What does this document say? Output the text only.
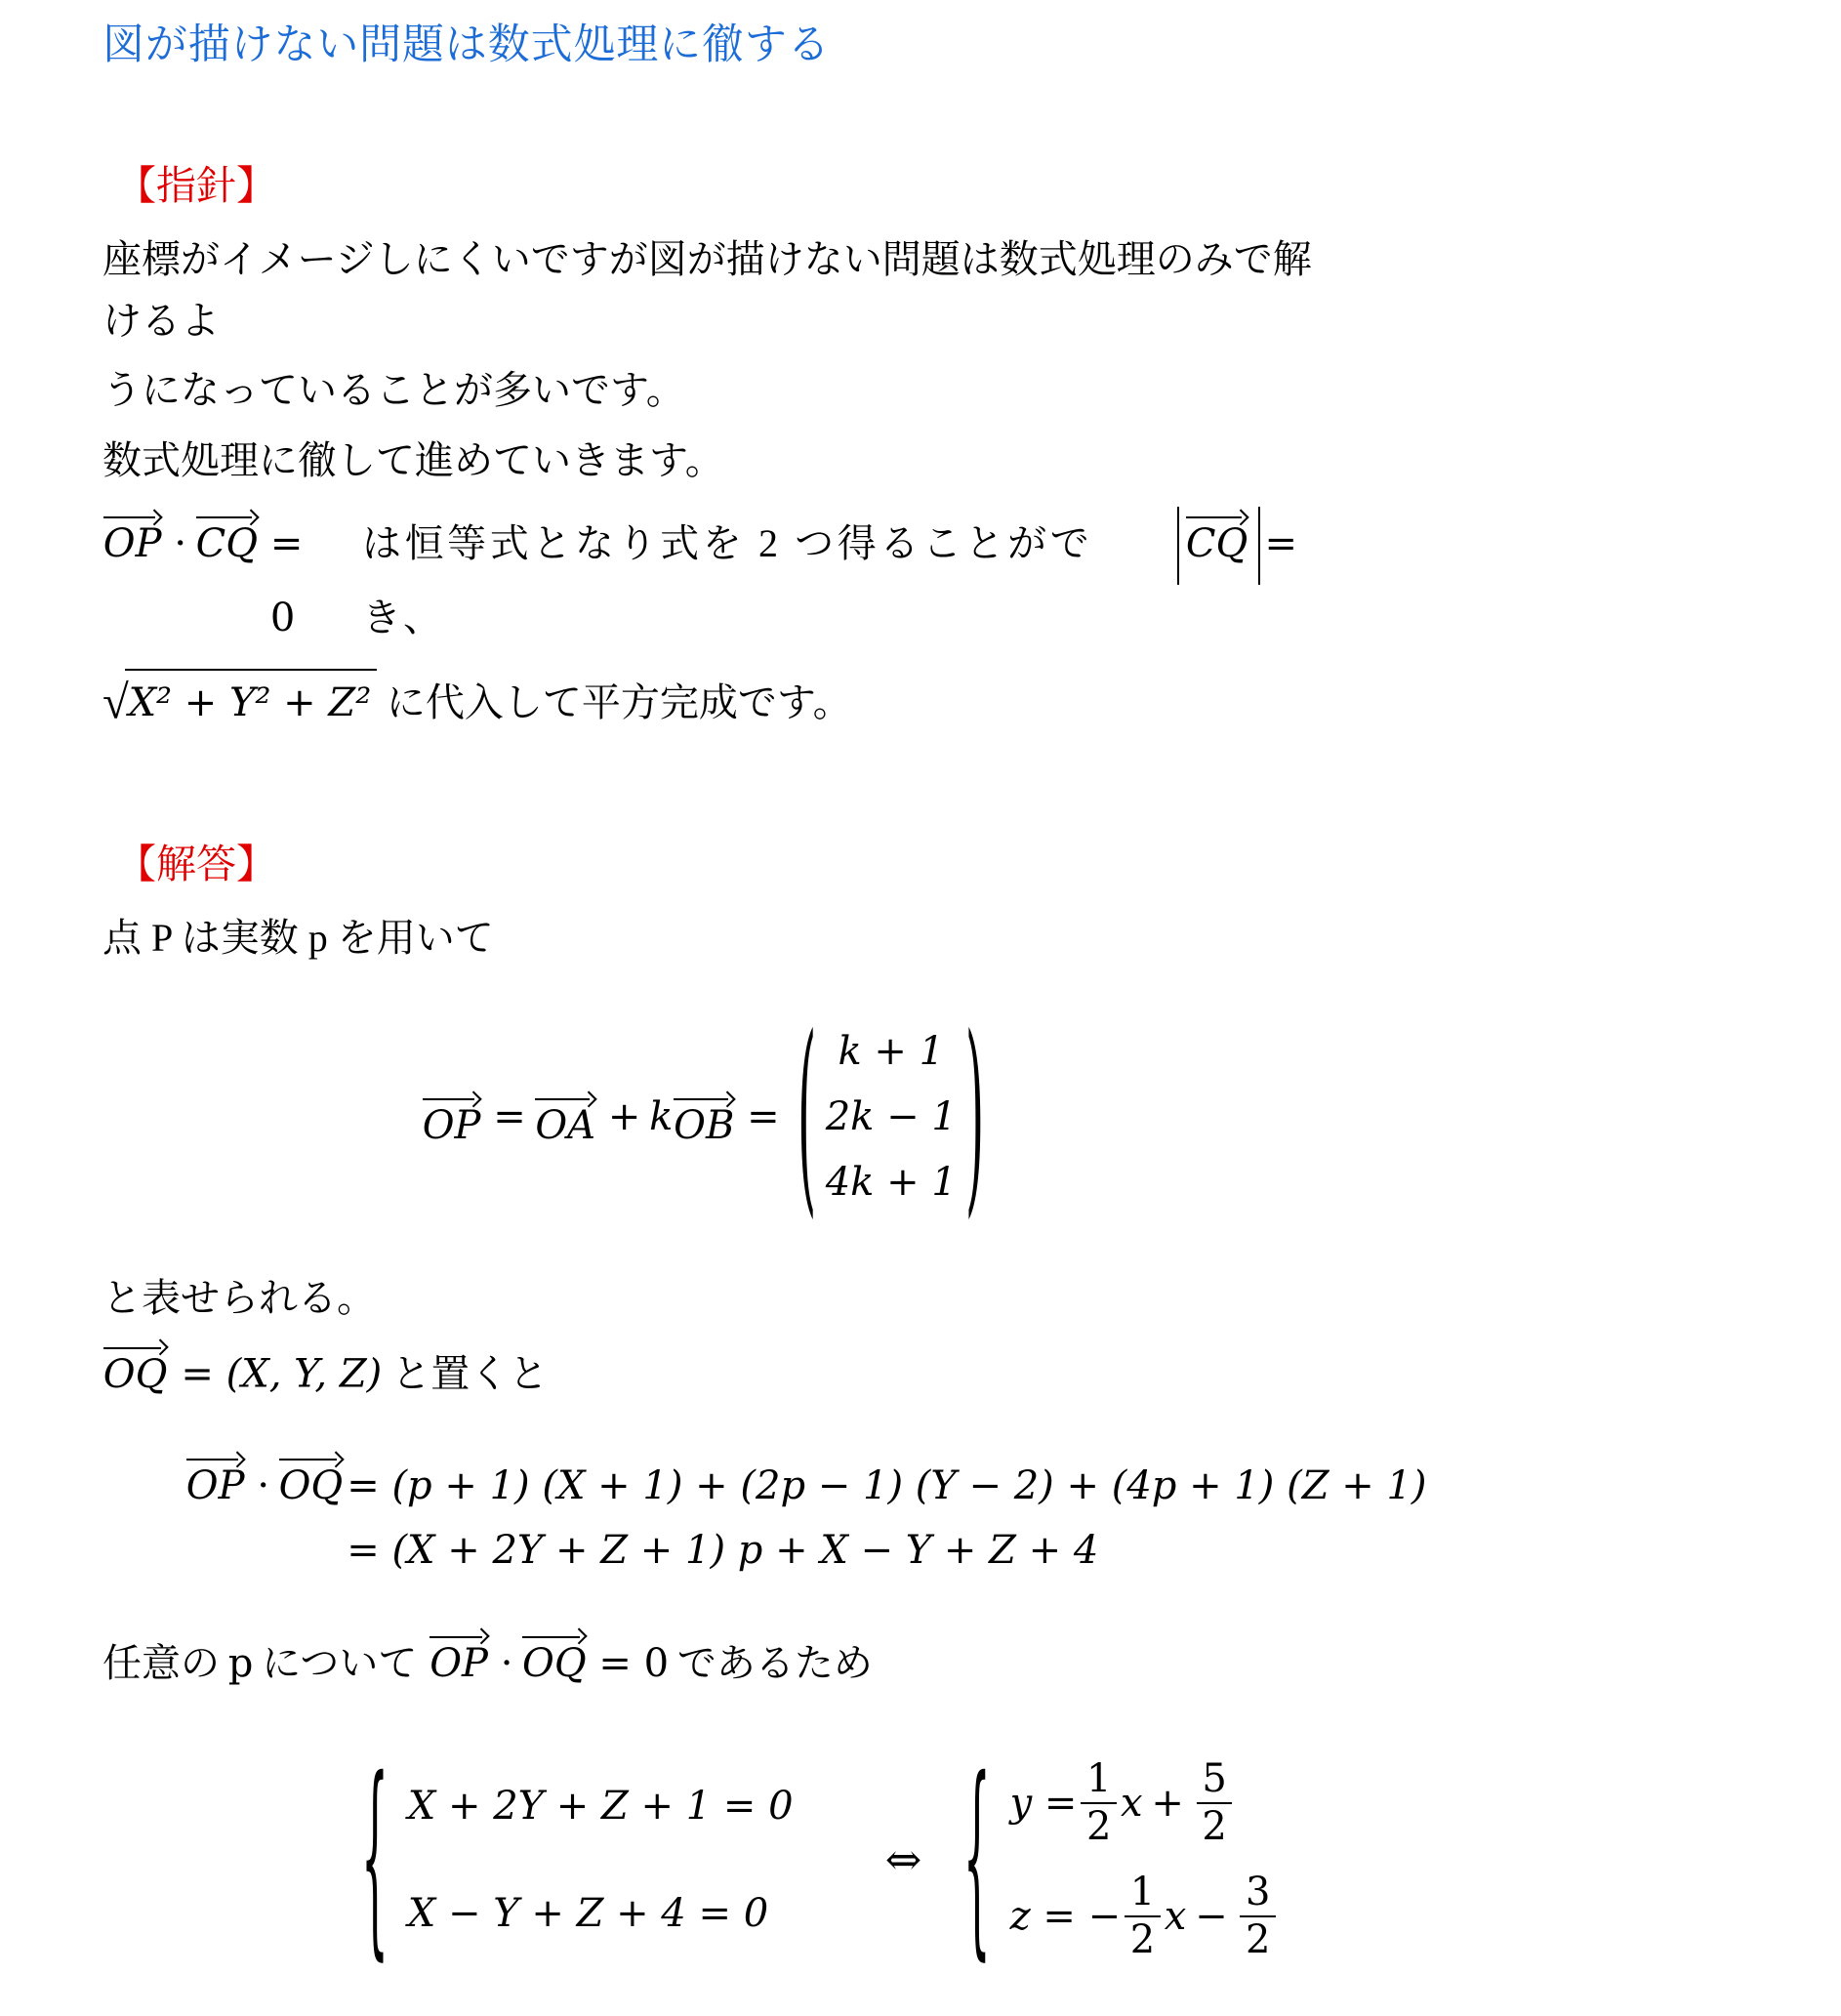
図が描けない問題は数式処理に徹する
【指針】

座標がイメージしにくいですが図が描けない問題は数式処理のみで解けるよ

うになっていることが多いです。

数式処理に徹して進めていきます。

OP · CQ = 0
は恒等式となり式を 2 つ得ることができ、
CQ =
√X² + Y² + Z² に代入して平方完成です。
【解答】

点 P は実数 p を用いて

OP = OA + k OB = ( k + 1
2k − 1
4k + 1 )

と表せられる。

OQ = (X, Y, Z) と置くと
OP · OQ = (p + 1) (X + 1) + (2p − 1) (Y − 2) + (4p + 1) (Z + 1)
= (X + 2Y + Z + 1) p + X − Y + Z + 4
任意の p について OP · OQ = 0 であるため
{ X + 2Y + Z + 1 = 0
X − Y + Z + 4 = 0
⇔ { $y = \frac{1}{2}$ $x + \frac{5}{2}$
z = − $\frac{1}{2}$ $x - \frac{3}{2}$
